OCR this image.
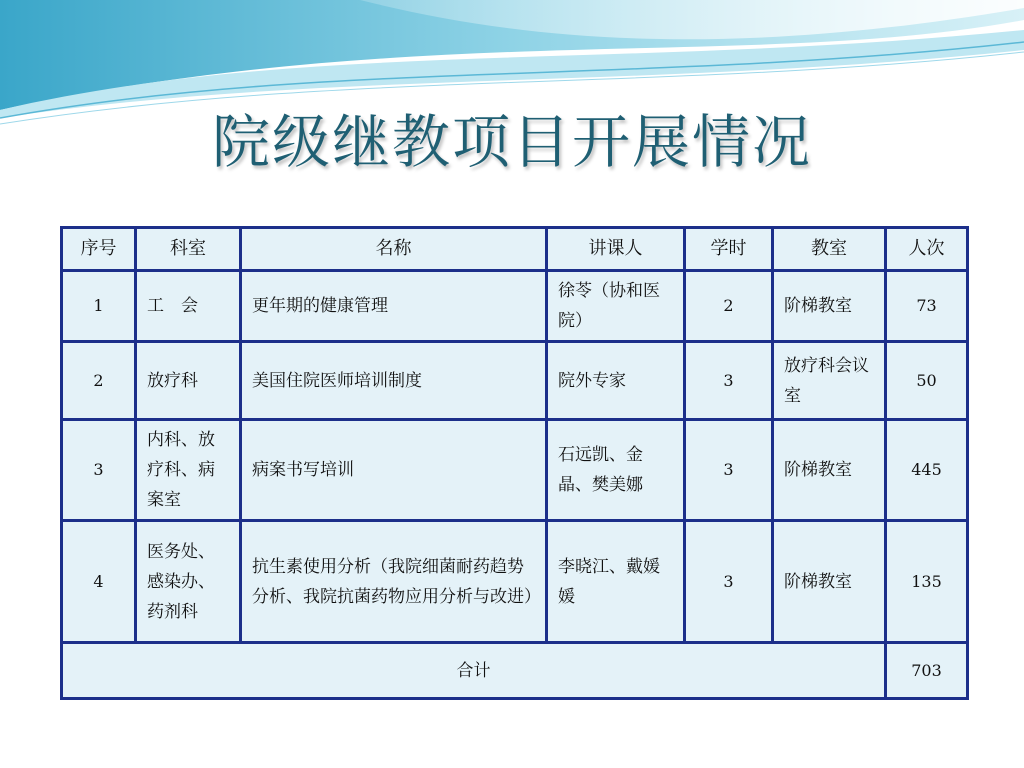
院级继教项目开展情况
序号	科室	名称	讲课人	学时	教室	人次
1	工　会	更年期的健康管理	徐苓（协和医院）	2	阶梯教室	73
2	放疗科	美国住院医师培训制度	院外专家	3	放疗科会议室	50
3	内科、放疗科、病案室	病案书写培训	石远凯、金晶、樊美娜	3	阶梯教室	445
4	医务处、感染办、药剂科	抗生素使用分析（我院细菌耐药趋势分析、我院抗菌药物应用分析与改进）	李晓江、戴媛媛	3	阶梯教室	135
合计						703
